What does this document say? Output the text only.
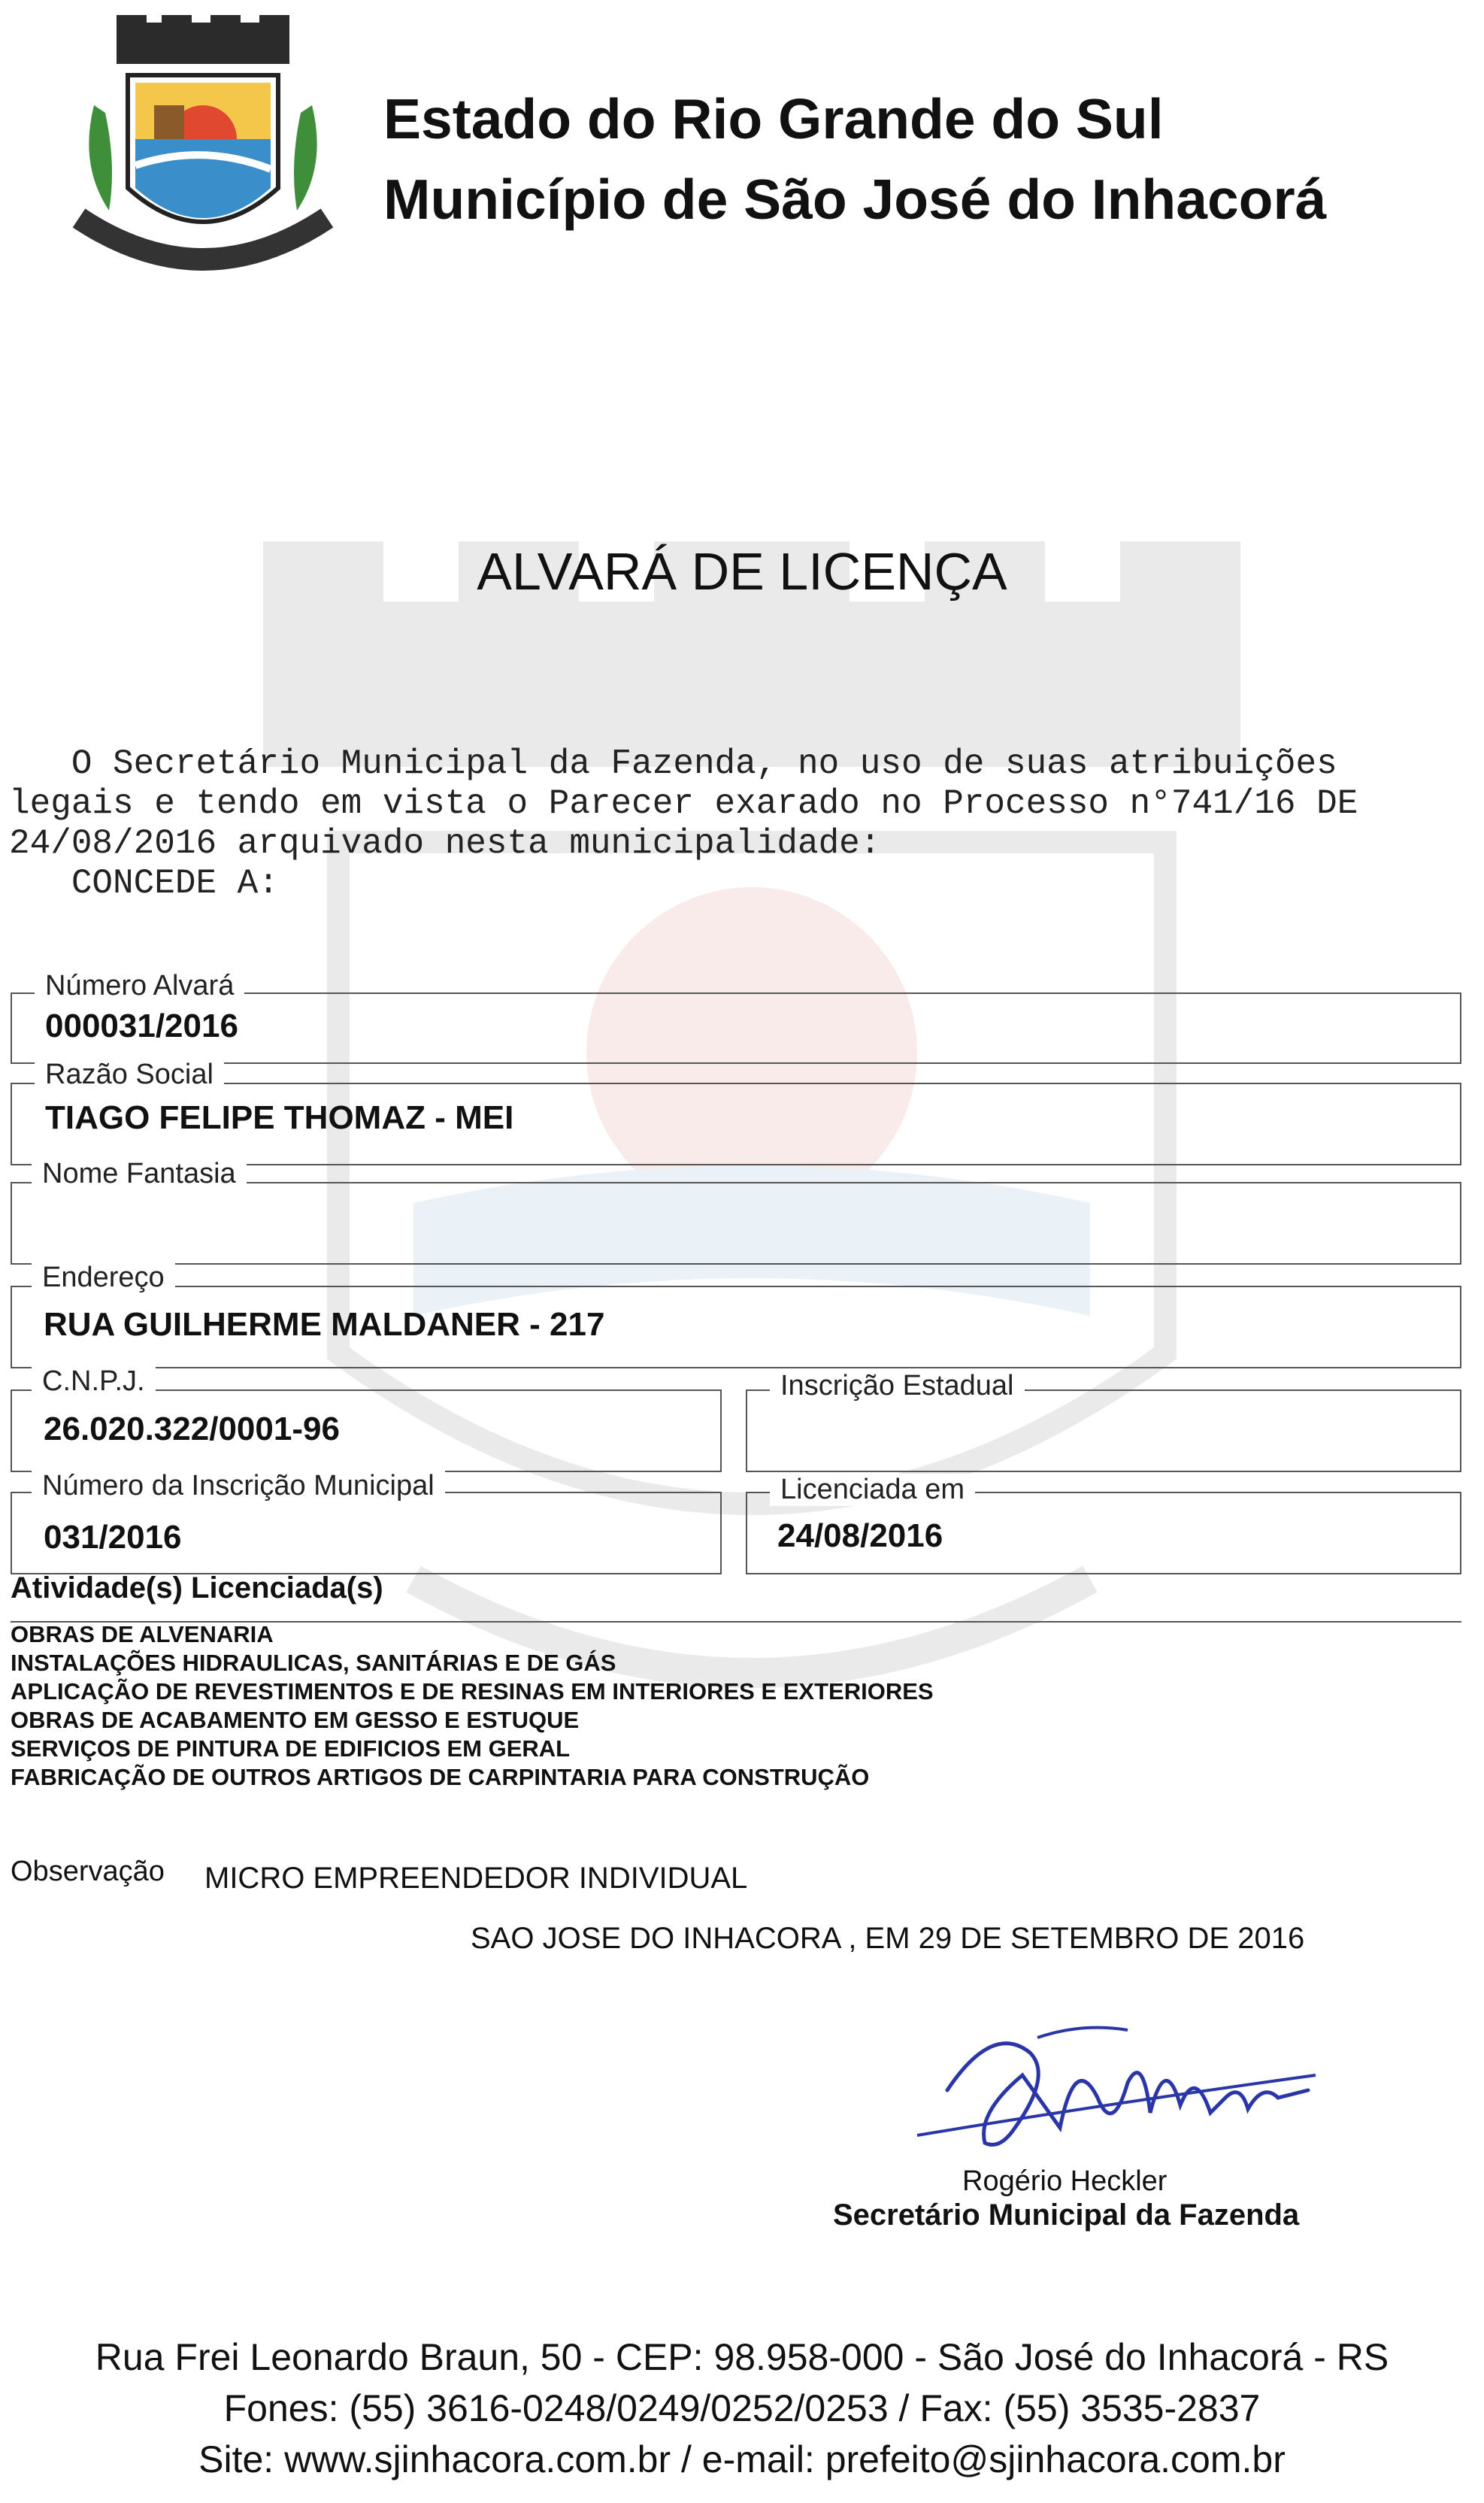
Estado do Rio Grande do Sul
Município de São José do Inhacorá
ALVARÁ DE LICENÇA
O Secretário Municipal da Fazenda, no uso de suas atribuições
legais e tendo em vista o Parecer exarado no Processo n°741/16 DE
24/08/2016 arquivado nesta municipalidade:
CONCEDE A:
Número Alvará
000031/2016
Razão Social
TIAGO FELIPE THOMAZ - MEI
Nome Fantasia
Endereço
RUA GUILHERME MALDANER - 217
C.N.P.J.
26.020.322/0001-96
Inscrição Estadual
Número da Inscrição Municipal
031/2016
Licenciada em
24/08/2016
Atividade(s) Licenciada(s)
OBRAS DE ALVENARIA
INSTALAÇÕES HIDRAULICAS, SANITÁRIAS E DE GÁS
APLICAÇÃO DE REVESTIMENTOS E DE RESINAS EM INTERIORES E EXTERIORES
OBRAS DE ACABAMENTO EM GESSO E ESTUQUE
SERVIÇOS DE PINTURA DE EDIFICIOS EM GERAL
FABRICAÇÃO DE OUTROS ARTIGOS DE CARPINTARIA PARA CONSTRUÇÃO
Observação MICRO EMPREENDEDOR INDIVIDUAL
SAO JOSE DO INHACORA , EM 29 DE SETEMBRO DE 2016
Rogério Heckler
Secretário Municipal da Fazenda
Rua Frei Leonardo Braun, 50 - CEP: 98.958-000 - São José do Inhacorá - RS
Fones: (55) 3616-0248/0249/0252/0253 / Fax: (55) 3535-2837
Site: www.sjinhacora.com.br / e-mail: prefeito@sjinhacora.com.br
